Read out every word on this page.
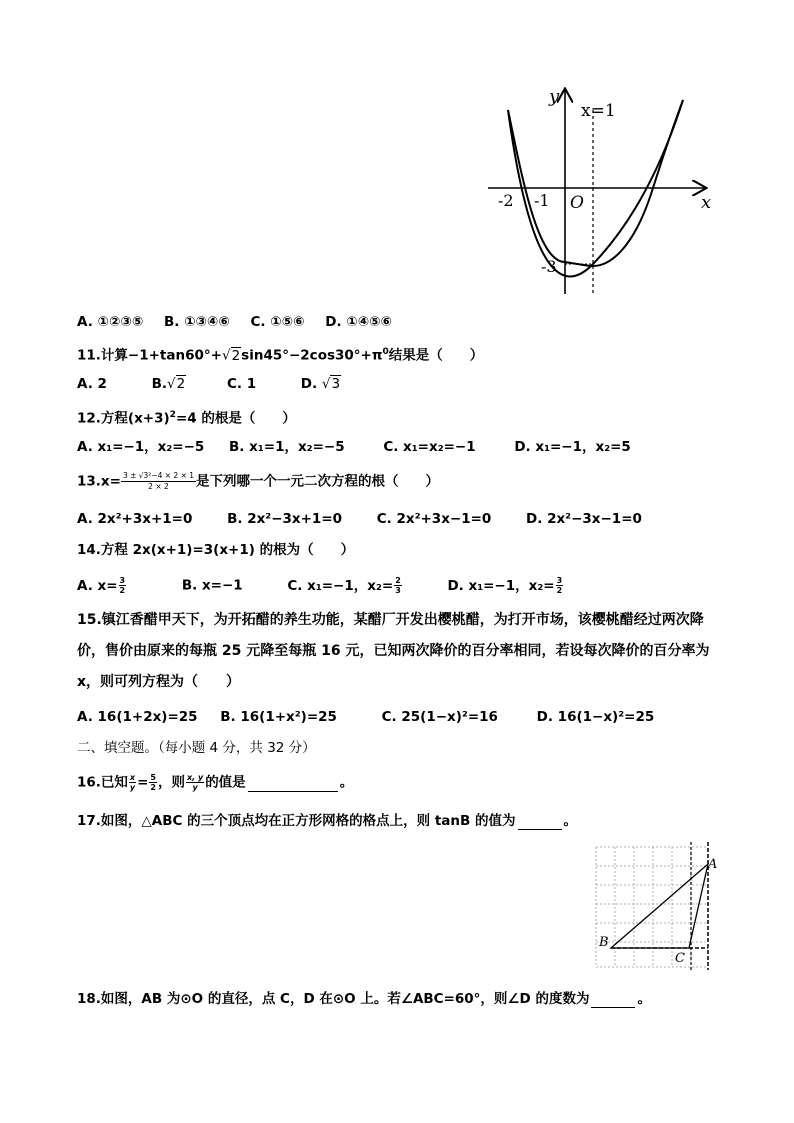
y
x
x=1
-2 -1 O
-3
A. ①②③⑤ B. ①③④⑥ C. ①⑤⑥ D. ①④⑤⑥
11.计算$-1+\tan 60^\circ+√2\sin 45^\circ-2\cos 30^\circ+\pi^0$结果是（　　）
A. 2	B.√2	C. 1	D. √3
12.方程$(x+3)^2=4$ 的根是（　　）
A. x₁=−1，x₂=−5 B. x₁=1，x₂=−5	C. x₁=x₂=−1	D. x₁=−1，x₂=5
$13.x= \frac{\text{3 ± √3²−4 × 2 × 1}}{2 \times 2}$ 是下列哪一个一元二次方程的根（　　）
A. 2x²+3x+1=0	B. 2x²−3x+1=0	C. 2x²+3x−1=0	D. 2x²−3x−1=0
14.方程 2x(x+1)=3(x+1) 的根为（　　）
A. $x= \frac{3}{2}$	B. x=−1	C. x₁=−1，$x_2= \frac{2}{3}$	D. x₁=−1，$x_2= \frac{3}{2}$
15.镇江香醋甲天下，为开拓醋的养生功能，某醋厂开发出樱桃醋，为打开市场，该樱桃醋经过两次降价，售价由原来的每瓶 25 元降至每瓶 16 元，已知两次降价的百分率相同，若设每次降价的百分率为 x，则可列方程为（　　）
A. 16(1+2x)=25 B. 16(1+x²)=25	C. 25(1−x)²=16	D. 16(1−x)²=25
二、填空题。（每小题 4 分，共 32 分）
16.已知 $\frac{x}{y} = \frac{5}{2}$ ，则 $\frac{x, y}{y}$ 的值是	。
17.如图，△ABC 的三个顶点均在正方形网格的格点上，则 tanB 的值为	。
A
B
C
18.如图，AB 为⊙O 的直径，点 C，D 在⊙O 上。若∠ABC=60°，则∠D 的度数为	。
